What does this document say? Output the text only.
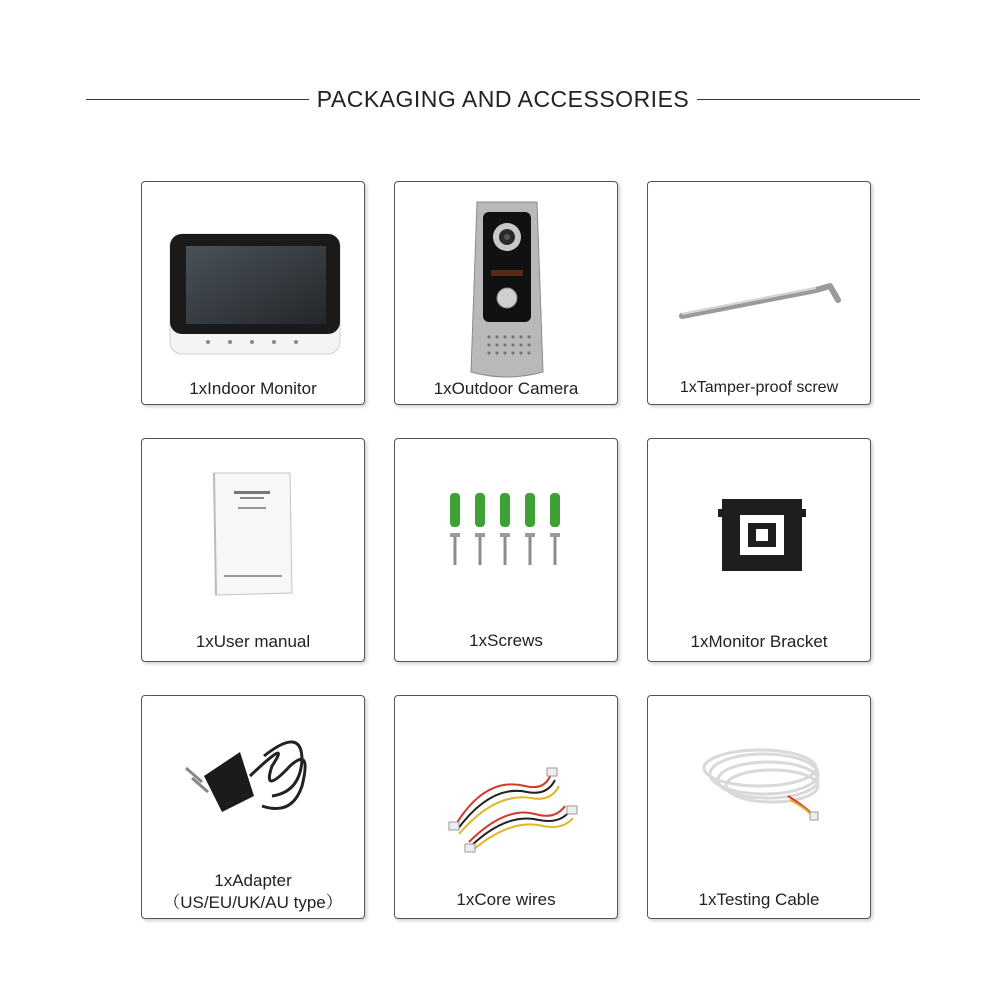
PACKAGING AND ACCESSORIES
1xIndoor Monitor	1xOutdoor Camera	1xTamper-proof screw
1xUser manual	1xScrews	1xMonitor Bracket
1xAdapter
（US/EU/UK/AU type）	1xCore wires	1xTesting Cable
